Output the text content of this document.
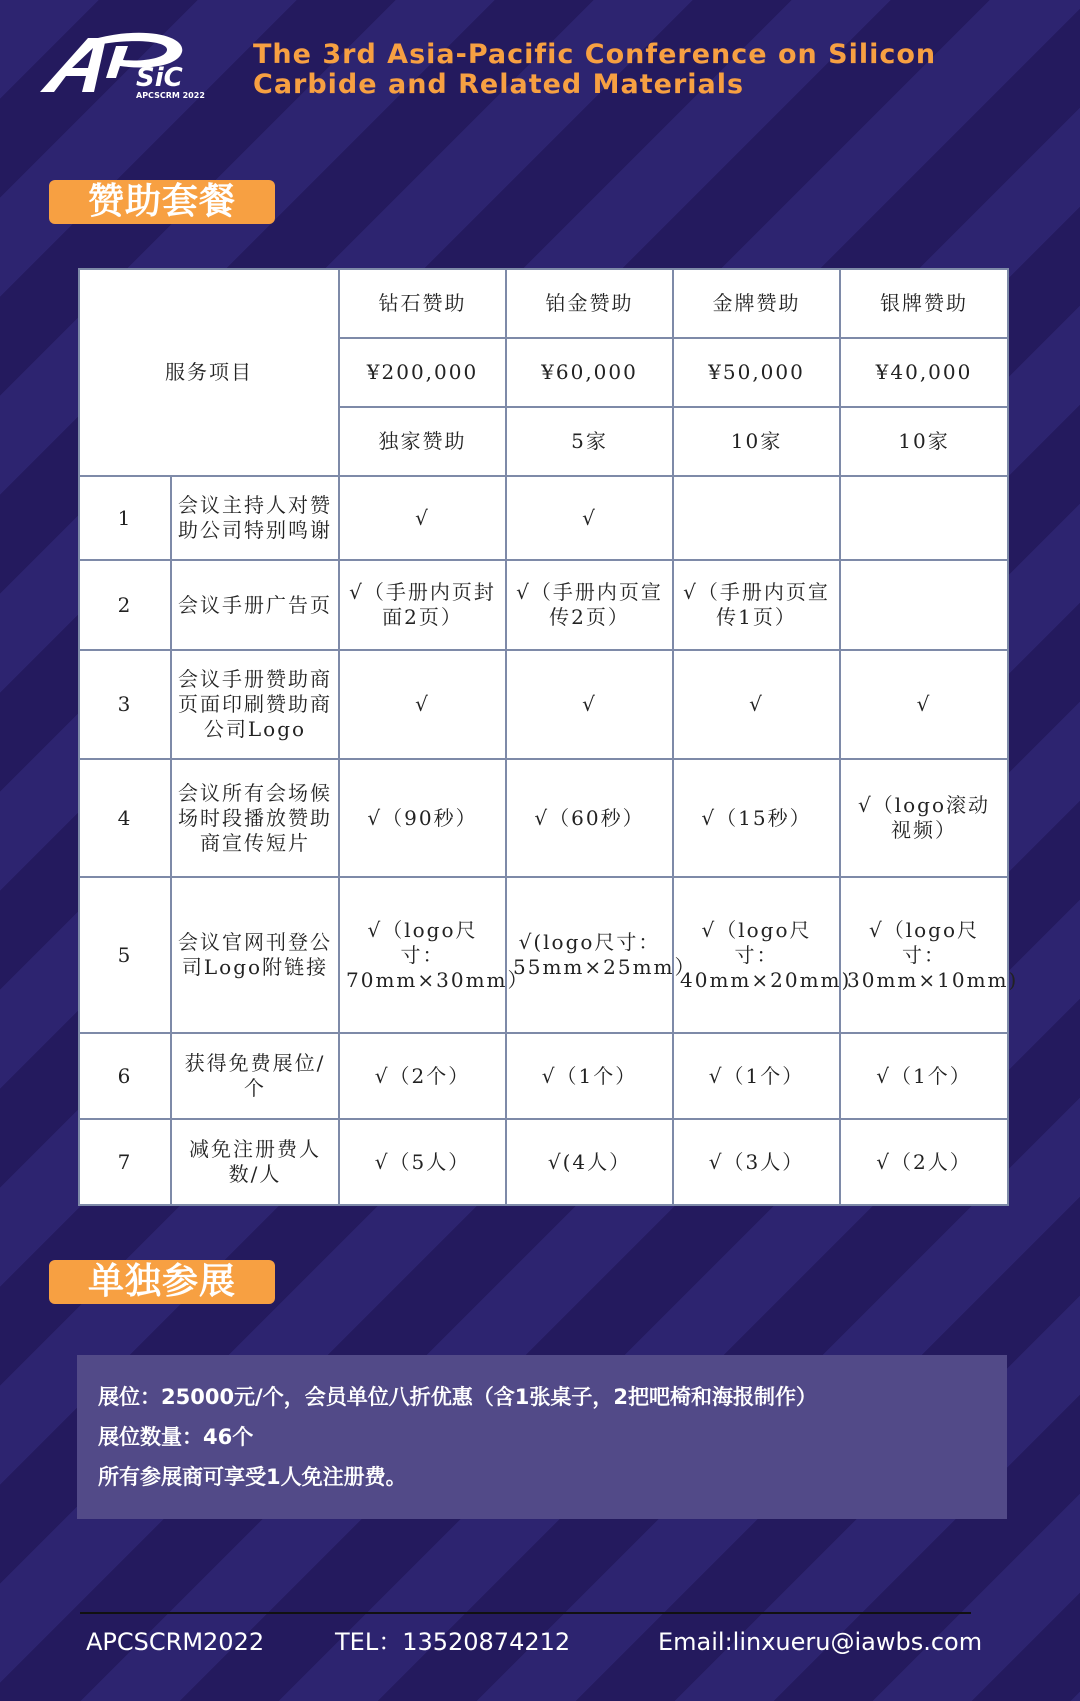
SiC
APCSCRM 2022
The 3rd Asia-Pacific Conference on Silicon
Carbide and Related Materials
赞助套餐
服务项目		钻石赞助	铂金赞助	金牌赞助	银牌赞助
		¥200,000	¥60,000	¥50,000	¥40,000
		独家赞助	5家	10家	10家
1	会议主持人对赞助公司特别鸣谢	√	√		
2	会议手册广告页	√（手册内页封面2页）	√（手册内页宣传2页）	√（手册内页宣传1页）	
3	会议手册赞助商页面印刷赞助商公司Logo	√	√	√	√
4	会议所有会场候场时段播放赞助商宣传短片	√（90秒）	√（60秒）	√（15秒）	√（logo滚动视频）
5	会议官网刊登公司Logo附链接	√（logo尺寸：70mm×30mm）	√(logo尺寸：55mm×25mm）	√（logo尺寸：40mm×20mm)	√（logo尺寸：30mm×10mm)
6	获得免费展位/个	√（2个）	√（1个）	√（1个）	√（1个）
7	减免注册费人数/人	√（5人）	√(4人）	√（3人）	√（2人）
单独参展
展位：25000元/个，会员单位八折优惠（含1张桌子，2把吧椅和海报制作）
展位数量：46个
所有参展商可享受1人免注册费。
APCSCRM2022	TEL：13520874212	Email:linxueru@iawbs.com
